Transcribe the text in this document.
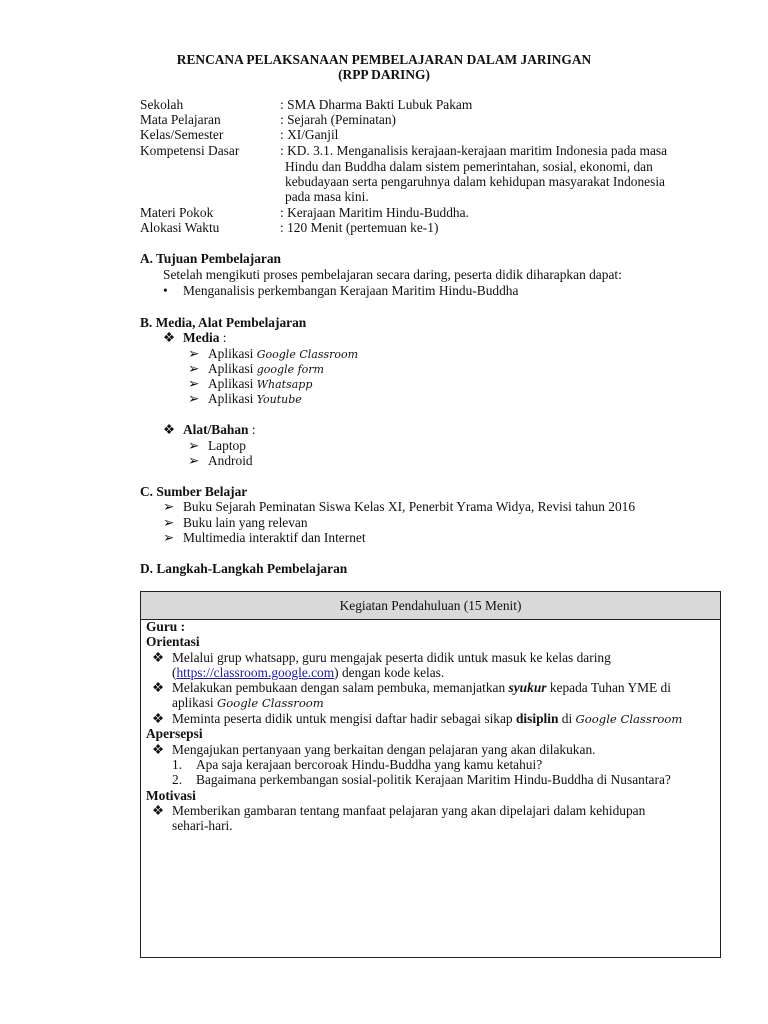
RENCANA PELAKSANAAN PEMBELAJARAN DALAM JARINGAN
(RPP DARING)
Sekolah	: SMA Dharma Bakti Lubuk Pakam
Mata Pelajaran	: Sejarah (Peminatan)
Kelas/Semester	: XI/Ganjil
Kompetensi Dasar	: KD. 3.1. Menganalisis kerajaan-kerajaan maritim Indonesia pada masa
Hindu dan Buddha dalam sistem pemerintahan, sosial, ekonomi, dan
kebudayaan serta pengaruhnya dalam kehidupan masyarakat Indonesia
pada masa kini.
Materi Pokok	: Kerajaan Maritim Hindu-Buddha.
Alokasi Waktu	: 120 Menit (pertemuan ke-1)
A. Tujuan Pembelajaran
Setelah mengikuti proses pembelajaran secara daring, peserta didik diharapkan dapat:
• Menganalisis perkembangan Kerajaan Maritim Hindu-Buddha
B. Media, Alat Pembelajaran
❖ Media :
➢ Aplikasi Google Classroom
➢ Aplikasi google form
➢ Aplikasi Whatsapp
➢ Aplikasi Youtube
❖ Alat/Bahan :
➢ Laptop
➢ Android
C. Sumber Belajar
➢ Buku Sejarah Peminatan Siswa Kelas XI, Penerbit Yrama Widya, Revisi tahun 2016
➢ Buku lain yang relevan
➢ Multimedia interaktif dan Internet
D. Langkah-Langkah Pembelajaran
Kegiatan Pendahuluan (15 Menit)
Guru :
Orientasi
❖ Melalui grup whatsapp, guru mengajak peserta didik untuk masuk ke kelas daring
(https://classroom.google.com) dengan kode kelas.
❖ Melakukan pembukaan dengan salam pembuka, memanjatkan syukur kepada Tuhan YME di
aplikasi Google Classroom
❖ Meminta peserta didik untuk mengisi daftar hadir sebagai sikap disiplin di Google Classroom
Apersepsi
❖ Mengajukan pertanyaan yang berkaitan dengan pelajaran yang akan dilakukan.
1. Apa saja kerajaan bercoroak Hindu-Buddha yang kamu ketahui?
2. Bagaimana perkembangan sosial-politik Kerajaan Maritim Hindu-Buddha di Nusantara?
Motivasi
❖ Memberikan gambaran tentang manfaat pelajaran yang akan dipelajari dalam kehidupan
sehari-hari.
